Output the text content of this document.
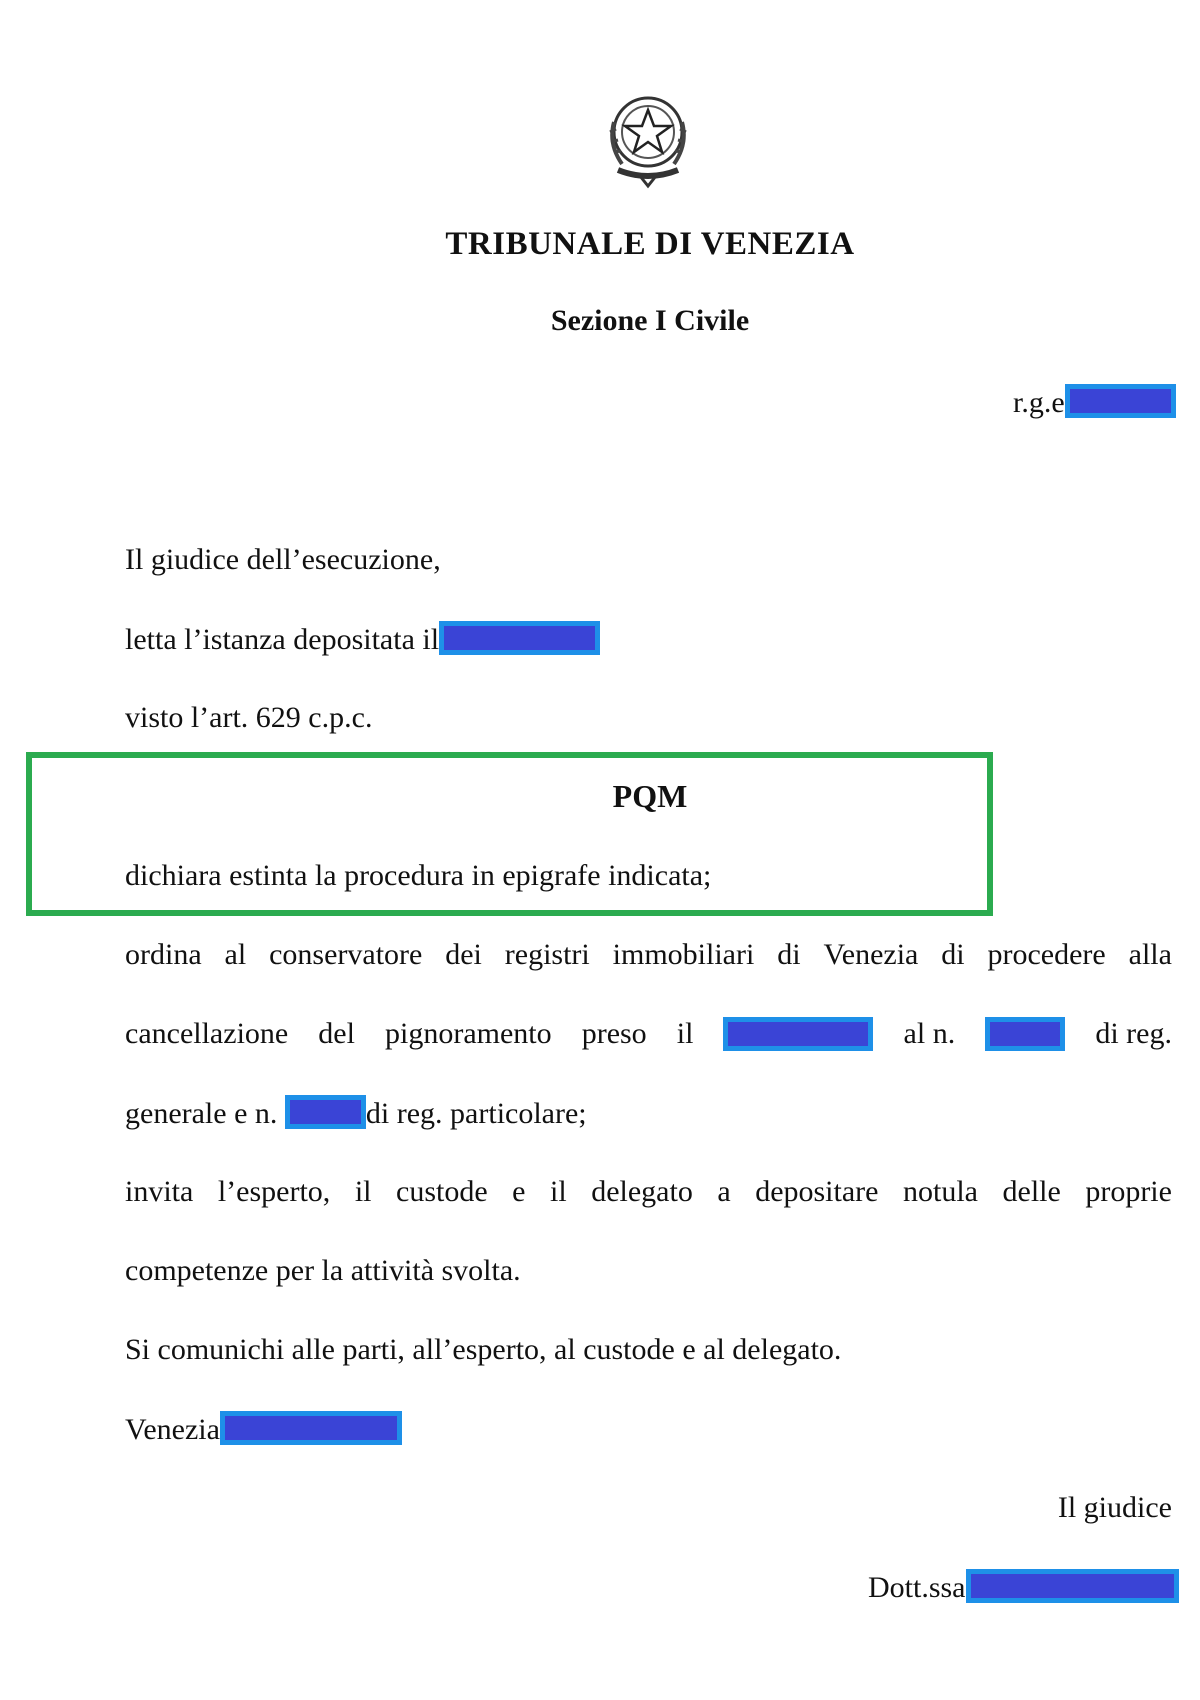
TRIBUNALE DI VENEZIA
Sezione I Civile
r.g.e
Il giudice dell’esecuzione,
letta l’istanza depositata il
visto l’art. 629 c.p.c.
PQM
dichiara estinta la procedura in epigrafe indicata;
ordina al conservatore dei registri immobiliari di Venezia di procedere alla
cancellazione del pignoramento preso il	al n.	di reg.
generale e n.	di reg. particolare;
invita l’esperto, il custode e il delegato a depositare notula delle proprie
competenze per la attività svolta.
Si comunichi alle parti, all’esperto, al custode e al delegato.
Venezia
Il giudice
Dott.ssa
